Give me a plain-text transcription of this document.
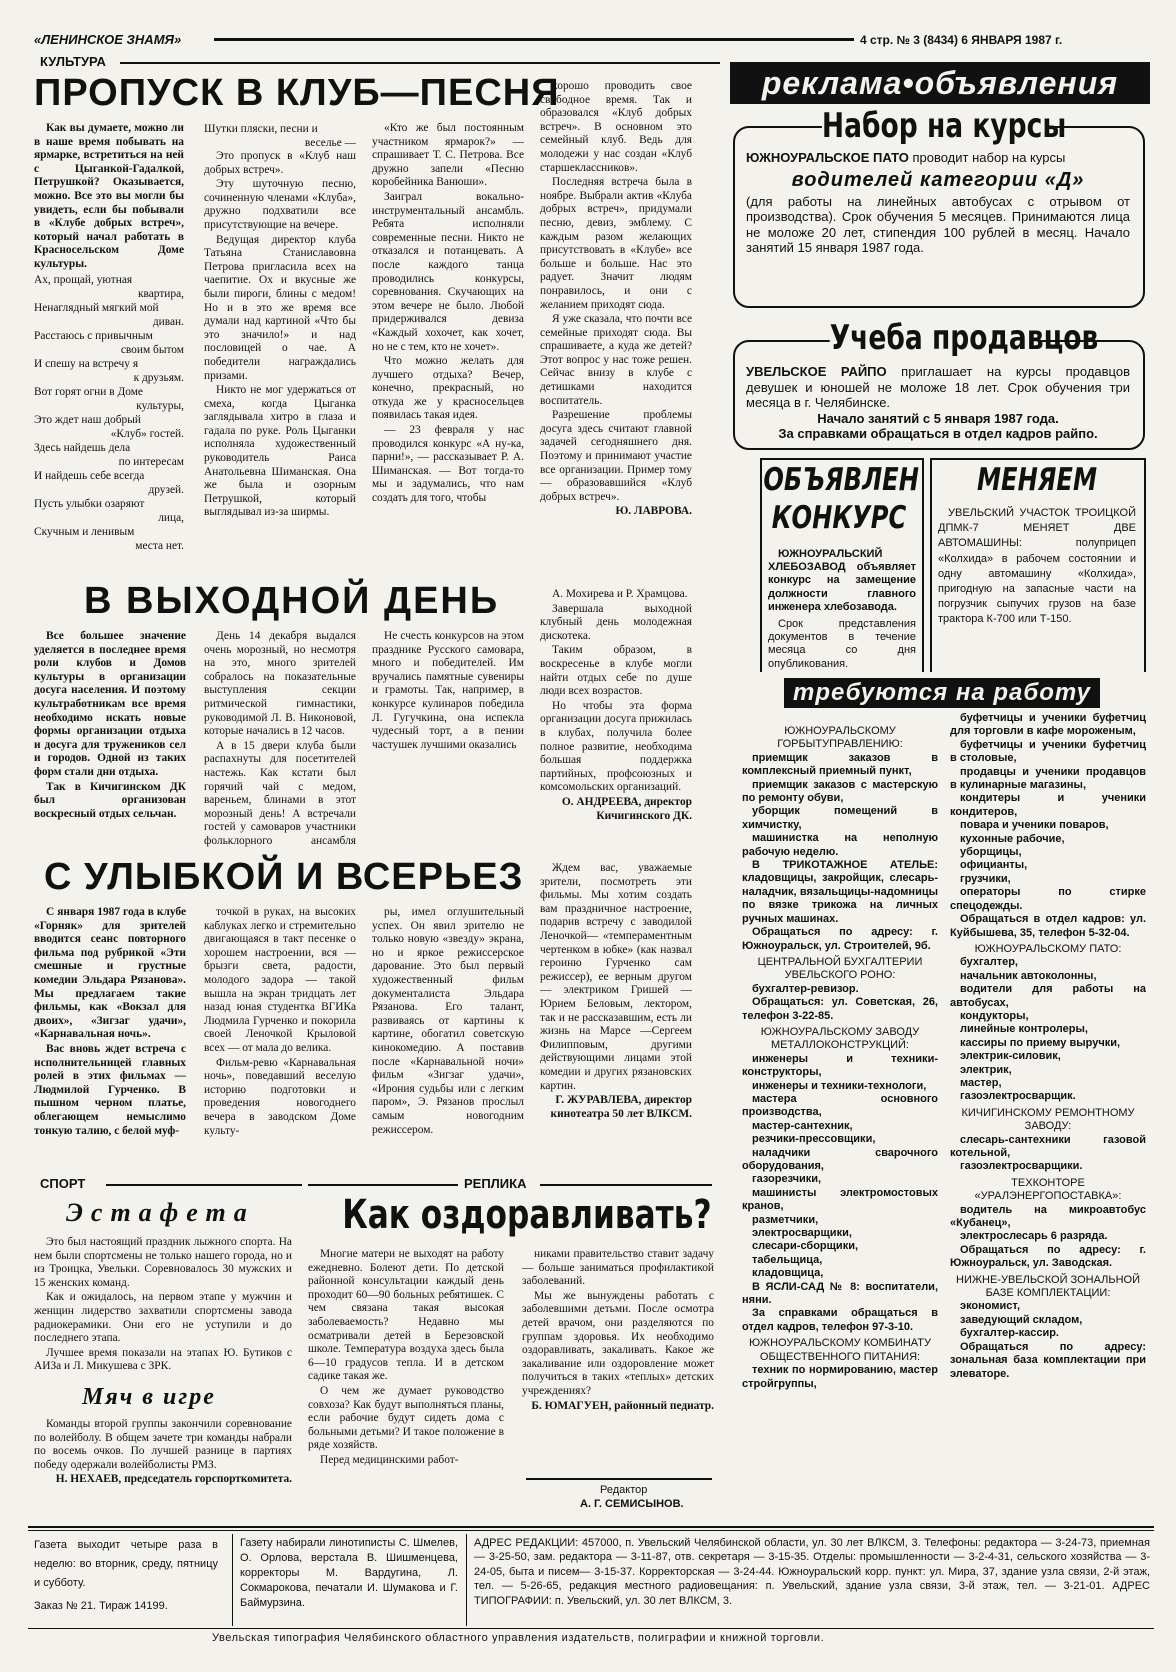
«ЛЕНИНСКОЕ ЗНАМЯ»	4 стр. № 3 (8434) 6 ЯНВАРЯ 1987 г.
КУЛЬТУРА
ПРОПУСК В КЛУБ—ПЕСНЯ

Как вы думаете, можно ли в наше время побывать на ярмарке, встретиться на ней с Цыганкой-Гадалкой, Петрушкой? Оказывается, можно. Все это вы могли бы увидеть, если бы побывали в «Клубе добрых встреч», который начал работать в Красносельском Доме культуры.

Ах, прощай, уютная

квартира,

Ненаглядный мягкий мой

диван.

Расстаюсь с привычным

своим бытом

И спешу на встречу я

к друзьям.

Вот горят огни в Доме

культуры,

Это ждет наш добрый

«Клуб» гостей.

Здесь найдешь дела

по интересам

И найдешь себе всегда

друзей.

Пусть улыбки озаряют

лица,

Скучным и ленивым

места нет.

Шутки пляски, песни и

веселье —

Это пропуск в «Клуб наш добрых встреч».

Эту шуточную песню, сочиненную членами «Клуба», дружно подхватили все присутствующие на вечере.

Ведущая директор клуба Татьяна Станиславовна Петрова пригласила всех на чаепитие. Ох и вкусные же были пироги, блины с медом! Но и в это же время все думали над картиной «Что бы это значило!» и над пословицей о чае. А победители награждались призами.

Никто не мог удержаться от смеха, когда Цыганка заглядывала хитро в глаза и гадала по руке. Роль Цыганки исполняла художественный руководитель Раиса Анатольевна Шиманская. Она же была и озорным Петрушкой, который выглядывал из-за ширмы.

«Кто же был постоянным участником ярмарок?» — спрашивает Т. С. Петрова. Все дружно запели «Песню коробейника Ванюши».

Заиграл вокально-инструментальный ансамбль. Ребята исполняли современные песни. Никто не отказался и потанцевать. А после каждого танца проводились конкурсы, соревнования. Скучающих на этом вечере не было. Любой придерживался девиза «Каждый хохочет, как хочет, но не с тем, кто не хочет».

Что можно желать для лучшего отдыха? Вечер, конечно, прекрасный, но откуда же у красносельцев появилась такая идея.

— 23 февраля у нас проводился конкурс «А ну-ка, парни!», — рассказывает Р. А. Шиманская. — Вот тогда-то мы и задумались, что нам создать для того, чтобы

хорошо проводить свое свободное время. Так и образовался «Клуб добрых встреч». В основном это семейный клуб. Ведь для молодежи у нас создан «Клуб старшеклассников».

Последняя встреча была в ноябре. Выбрали актив «Клуба добрых встреч», придумали песню, девиз, эмблему. С каждым разом желающих присутствовать в «Клубе» все больше и больше. Нас это радует. Значит людям понравилось, и они с желанием приходят сюда.

Я уже сказала, что почти все семейные приходят сюда. Вы спрашиваете, а куда же детей? Этот вопрос у нас тоже решен. Сейчас внизу в клубе с детишками находится воспитатель.

Разрешение проблемы досуга здесь считают главной задачей сегодняшнего дня. Поэтому и принимают участие все организации. Пример тому — образовавшийся «Клуб добрых встреч».

Ю. ЛАВРОВА.

В ВЫХОДНОЙ ДЕНЬ

Все большее значение уделяется в последнее время роли клубов и Домов культуры в организации досуга населения. И поэтому культработникам все время необходимо искать новые формы организации отдыха и досуга для тружеников сел и городов. Одной из таких форм стали дни отдыха.

Так в Кичигинском ДК был организован воскресный отдых сельчан.

День 14 декабря выдался очень морозный, но несмотря на это, много зрителей собралось на показательные выступления секции ритмической гимнастики, руководимой Л. В. Никоновой, которые начались в 12 часов.

А в 15 двери клуба были распахнуты для посетителей настежь. Как кстати был горячий чай с медом, вареньем, блинами в этот морозный день! А встречали гостей у самоваров участники фольклорного ансамбля

Не счесть конкурсов на этом празднике Русского самовара, много и победителей. Им вручались памятные сувениры и грамоты. Так, например, в конкурсе кулинаров победила Л. Гугучкина, она испекла чудесный торт, а в пении частушек лучшими оказались

А. Мохирева и Р. Храмцова.

Завершала выходной клубный день молодежная дискотека.

Таким образом, в воскресенье в клубе могли найти отдых себе по душе люди всех возрастов.

Но чтобы эта форма организации досуга прижилась в клубах, получила более полное развитие, необходима большая поддержка партийных, профсоюзных и комсомольских организаций.

О. АНДРЕЕВА, директор Кичигинского ДК.

С УЛЫБКОЙ И ВСЕРЬЕЗ

С января 1987 года в клубе «Горняк» для зрителей вводится сеанс повторного фильма под рубрикой «Эти смешные и грустные комедии Эльдара Рязанова». Мы предлагаем такие фильмы, как «Вокзал для двоих», «Зигзаг удачи», «Карнавальная ночь».

Вас вновь ждет встреча с исполнительницей главных ролей в этих фильмах — Людмилой Гурченко. В пышном черном платье, облегающем немыслимо тонкую талию, с белой муф-

точкой в руках, на высоких каблуках легко и стремительно двигающаяся в такт песенке о хорошем настроении, вся — брызги света, радости, молодого задора — такой вышла на экран тридцать лет назад юная студентка ВГИКа Людмила Гурченко и покорила своей Леночкой Крыловой всех — от мала до велика.

Фильм-ревю «Карнавальная ночь», поведавший веселую историю подготовки и проведения новогоднего вечера в заводском Доме культу-

ры, имел оглушительный успех. Он явил зрителю не только новую «звезду» экрана, но и яркое режиссерское дарование. Это был первый художественный фильм документалиста Эльдара Рязанова. Его талант, развиваясь от картины к картине, обогатил советскую кинокомедию. А поставив после «Карнавальной ночи» фильм «Зигзаг удачи», «Ирония судьбы или с легким паром», Э. Рязанов прослыл самым новогодним режиссером.

Ждем вас, уважаемые зрители, посмотреть эти фильмы. Мы хотим создать вам праздничное настроение, подарив встречу с заводилой Леночкой— «темпераментным чертенком в юбке» (как назвал героиню Гурченко сам режиссер), ее верным другом— электриком Гришей — Юрием Беловым, лектором, так и не рассказавшим, есть ли жизнь на Марсе —Сергеем Филипповым, другими действующими лицами этой комедии и других рязановских картин.

Г. ЖУРАВЛЕВА, директор кинотеатра 50 лет ВЛКСМ.

СПОРТ	РЕПЛИКА
Эстафета

Это был настоящий праздник лыжного спорта. На нем были спортсмены не только нашего города, но и из Троицка, Увельки. Соревновалось 30 мужских и 15 женских команд.

Как и ожидалось, на первом этапе у мужчин и женщин лидерство захватили спортсмены завода радиокерамики. Они его не уступили и до последнего этапа.

Лучшее время показали на этапах Ю. Бутиков с АИЗа и Л. Микушева с ЗРК.

Мяч в игре

Команды второй группы закончили соревнование по волейболу. В общем зачете три команды набрали по восемь очков. По лучшей разнице в партиях победу одержали волейболисты РМЗ.

Н. НЕХАЕВ, председатель горспорткомитета.

Как оздоравливать?

Многие матери не выходят на работу ежедневно. Болеют дети. По детской районной консультации каждый день проходит 60—90 больных ребятишек. С чем связана такая высокая заболеваемость? Недавно мы осматривали детей в Березовской школе. Температура воздуха здесь была 6—10 градусов тепла. И в детском садике такая же.

О чем же думает руководство совхоза? Как будут выполняться планы, если рабочие будут сидеть дома с больными детьми? И такое положение в ряде хозяйств.

Перед медицинскими работ-

никами правительство ставит задачу — больше заниматься профилактикой заболеваний.

Мы же вынуждены работать с заболевшими детьми. После осмотра детей врачом, они разделяются по группам здоровья. Их необходимо оздоравливать, закаливать. Какое же закаливание или оздоровление может получиться в таких «теплых» детских учреждениях?

Б. ЮМАГУЕН, районный педиатр.

Редактор
А. Г. СЕМИСЫНОВ.
реклама•объявления
Набор на курсы

ЮЖНОУРАЛЬСКОЕ ПАТО проводит набор на курсы

водителей категории «Д»

(для работы на линейных автобусах с отрывом от производства). Срок обучения 5 месяцев. Принимаются лица не моложе 20 лет, стипендия 100 рублей в месяц. Начало занятий 15 января 1987 года.

Учеба продавцов

УВЕЛЬСКОЕ РАЙПО приглашает на курсы продавцов девушек и юношей не моложе 18 лет. Срок обучения три месяца в г. Челябинске.

Начало занятий с 5 января 1987 года.

За справками обращаться в отдел кадров райпо.

ОБЪЯВЛЕН
КОНКУРС

ЮЖНОУРАЛЬСКИЙ ХЛЕБОЗАВОД объявляет конкурс на замещение должности главного инженера хлебозавода.

Срок представления документов в течение месяца со дня опубликования.

МЕНЯЕМ

УВЕЛЬСКИЙ УЧАСТОК ТРОИЦКОЙ ДПМК-7 МЕНЯЕТ ДВЕ АВТОМАШИНЫ: полуприцеп «Колхида» в рабочем состоянии и одну автомашину «Колхида», пригодную на запасные части на погрузчик сыпучих грузов на базе трактора К-700 или Т-150.

требуются на работу

ЮЖНОУРАЛЬСКОМУ ГОРБЫТУПРАВЛЕНИЮ:

приемщик заказов в комплексный приемный пункт,

приемщик заказов с мастерскую по ремонту обуви,

уборщик помещений в химчистку,

машинистка на неполную рабочую неделю.

В ТРИКОТАЖНОЕ АТЕЛЬЕ: кладовщицы, закройщик, слесарь-наладчик, вязальщицы-надомницы по вязке трикожа на личных ручных машинах.

Обращаться по адресу: г. Южноуральск, ул. Строителей, 9б.

ЦЕНТРАЛЬНОЙ БУХГАЛТЕРИИ УВЕЛЬСКОГО РОНО:

бухгалтер-ревизор.

Обращаться: ул. Советская, 26, телефон 3-22-85.

ЮЖНОУРАЛЬСКОМУ ЗАВОДУ МЕТАЛЛОКОНСТРУКЦИЙ:

инженеры и техники-конструкторы,

инженеры и техники-технологи,

мастера основного производства,

мастер-сантехник,

резчики-прессовщики,

наладчики сварочного оборудования,

газорезчики,

машинисты электромостовых кранов,

разметчики,

электросварщики,

слесари-сборщики,

табельщица,

кладовщица,

В ЯСЛИ-САД № 8: воспитатели, няни.

За справками обращаться в отдел кадров, телефон 97-3-10.

ЮЖНОУРАЛЬСКОМУ КОМБИНАТУ ОБЩЕСТВЕННОГО ПИТАНИЯ:

техник по нормированию, мастер стройгруппы,

буфетчицы и ученики буфетчиц для торговли в кафе мороженым,

буфетчицы и ученики буфетчиц в столовые,

продавцы и ученики продавцов в кулинарные магазины,

кондитеры и ученики кондитеров,

повара и ученики поваров,

кухонные рабочие,

уборщицы,

официанты,

грузчики,

операторы по стирке спецодежды.

Обращаться в отдел кадров: ул. Куйбышева, 35, телефон 5-32-04.

ЮЖНОУРАЛЬСКОМУ ПАТО:

бухгалтер,

начальник автоколонны,

водители для работы на автобусах,

кондукторы,

линейные контролеры,

кассиры по приему выручки,

электрик-силовик,

электрик,

мастер,

газоэлектросварщик.

КИЧИГИНСКОМУ РЕМОНТНОМУ ЗАВОДУ:

слесарь-сантехники газовой котельной,

газоэлектросварщики.

ТЕХКОНТОРЕ «УРАЛЭНЕРГОПОСТАВКА»:

водитель на микроавтобус «Кубанец»,

электрослесарь 6 разряда.

Обращаться по адресу: г. Южноуральск, ул. Заводская.

НИЖНЕ-УВЕЛЬСКОЙ ЗОНАЛЬНОЙ БАЗЕ КОМПЛЕКТАЦИИ:

экономист,

заведующий складом,

бухгалтер-кассир.

Обращаться по адресу: зональная база комплектации при элеваторе.

Газета выходит четыре раза в неделю: во вторник, среду, пятницу и субботу.
Заказ № 21. Тираж 14199.
Газету набирали линотиписты С. Шмелев, О. Орлова, верстала В. Шишменцева, корректоры М. Вардугина, Л. Сокмарокова, печатали И. Шумакова и Г. Баймурзина.
АДРЕС РЕДАКЦИИ: 457000, п. Увельский Челябинской области, ул. 30 лет ВЛКСМ, 3. Телефоны: редактора — 3-24-73, приемная — 3-25-50, зам. редактора — 3-11-87, отв. секретаря — 3-15-35. Отделы: промышленности — 3-2-4-31, сельского хозяйства — 3-24-05, быта и писем— 3-15-37. Корректорская — 3-24-44. Южноуральский корр. пункт: ул. Мира, 37, здание узла связи, 2-й этаж, тел. — 5-26-65, редакция местного радиовещания: п. Увельский, здание узла связи, 3-й этаж, тел. — 3-21-01. АДРЕС ТИПОГРАФИИ: п. Увельский, ул. 30 лет ВЛКСМ, 3.
Увельская типография Челябинского областного управления издательств, полиграфии и книжной торговли.
